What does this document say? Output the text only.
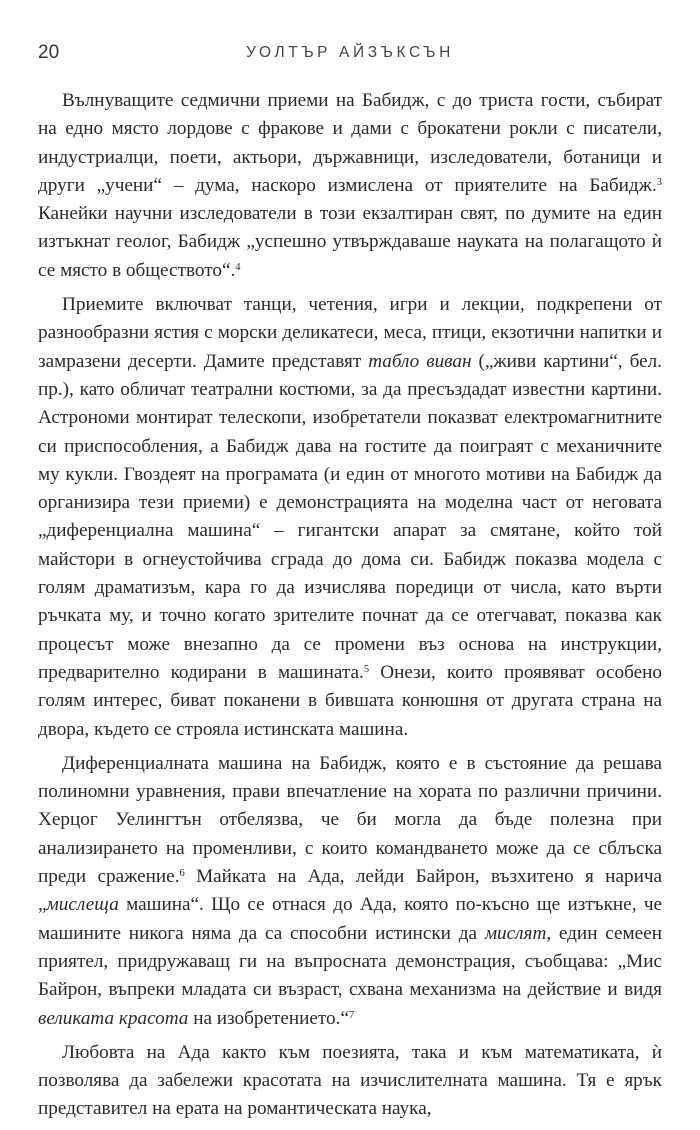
20	УОЛТЪР АЙЗЪКСЪН

Вълнуващите седмични приеми на Бабидж, с до триста гости, събират на едно място лордове с фракове и дами с брокатени рокли с писатели, индустриалци, поети, актьори, държавници, изследователи, ботаници и други „учени“ – дума, наскоро измислена от приятелите на Бабидж.$^3$ Канейки научни изследователи в този екзалтиран свят, по думите на един изтъкнат геолог, Бабидж „успешно утвърждаваше науката на полагащото ѝ се място в обществото“.$^4$

Приемите включват танци, четения, игри и лекции, подкрепени от разнообразни ястия с морски деликатеси, меса, птици, екзотични напитки и замразени десерти. Дамите представят табло виван („живи картини“, бел. пр.), като обличат театрални костюми, за да пресъздадат известни картини. Астрономи монтират телескопи, изобретатели показват електромагнитните си приспособления, а Бабидж дава на гостите да поиграят с механичните му кукли. Гвоздеят на програмата (и един от многото мотиви на Бабидж да организира тези приеми) е демонстрацията на моделна част от неговата „диференциална машина“ – гигантски апарат за смятане, който той майстори в огнеустойчива сграда до дома си. Бабидж показва модела с голям драматизъм, кара го да изчислява поредици от числа, като върти ръчката му, и точно когато зрителите почнат да се отегчават, показва как процесът може внезапно да се промени въз основа на инструкции, предварително кодирани в машината.$^5$ Онези, които проявяват особено голям интерес, биват поканени в бившата конюшня от другата страна на двора, където се строяла истинската машина.

Диференциалната машина на Бабидж, която е в състояние да решава полиномни уравнения, прави впечатление на хората по различни причини. Херцог Уелингтън отбелязва, че би могла да бъде полезна при анализирането на променливи, с които командването може да се сблъска преди сражение.$^6$ Майката на Ада, лейди Байрон, възхитено я нарича „мислеща машина“. Що се отнася до Ада, която по-късно ще изтъкне, че машините никога няма да са способни истински да мислят, един семеен приятел, придружаващ ги на въпросната демонстрация, съобщава: „Мис Байрон, въпреки младата си възраст, схвана механизма на действие и видя великата красота на изобретението.“$^7$

Любовта на Ада както към поезията, така и към математиката, ѝ позволява да забележи красотата на изчислителната машина. Тя е ярък представител на ерата на романтическата наука,
